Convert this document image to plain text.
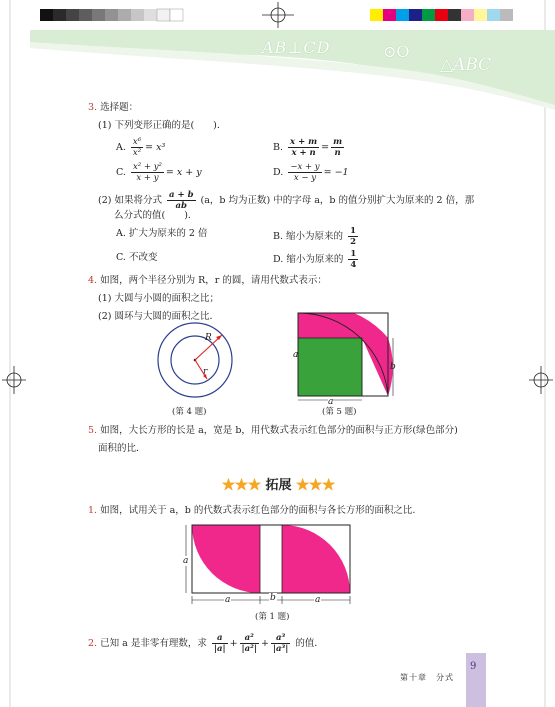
AB⊥CD	⊙O
△ABC
3. 选择题：
(1) 下列变形正确的是(　　).
A. $\frac{\text{x⁶}}{\text{x²}} = x^3$	B. $\frac{x + m}{x + n} = \frac{m}{n}$
C. $\frac{\text{x² + y²}}{x + y} = x + y$	D. $\frac{-x + y}{x - y} = -1$
(2) 如果将分式 $\frac{a + b}{ab} (a$，b 均为正数) 中的字母 a，b 的值分别扩大为原来的 2 倍，那
么分式的值(　　).
A. 扩大为原来的 2 倍	B. 缩小为原来的 $\frac{1}{2}$
C. 不改变	D. 缩小为原来的 $\frac{1}{4}$
4. 如图，两个半径分别为 R，r 的圆，请用代数式表示：
(1) 大圆与小圆的面积之比；
(2) 圆环与大圆的面积之比．
R
r
(第 4 题)
a
a
b
(第 5 题)
5. 如图，大长方形的长是 a，宽是 b，用代数式表示红色部分的面积与正方形(绿色部分)
面积的比．
★★★ 拓展 ★★★
1. 如图，试用关于 a，b 的代数式表示红色部分的面积与各长方形的面积之比.
a
a	b	a
(第 1 题)
2. 已知 a 是非零有理数，求 $\frac{a}{|a|} + \frac{\text{a²}}{\text{|a²|}} + \frac{\text{a³}}{\text{|a³|}}$ 的值．
第十章　分式
9
